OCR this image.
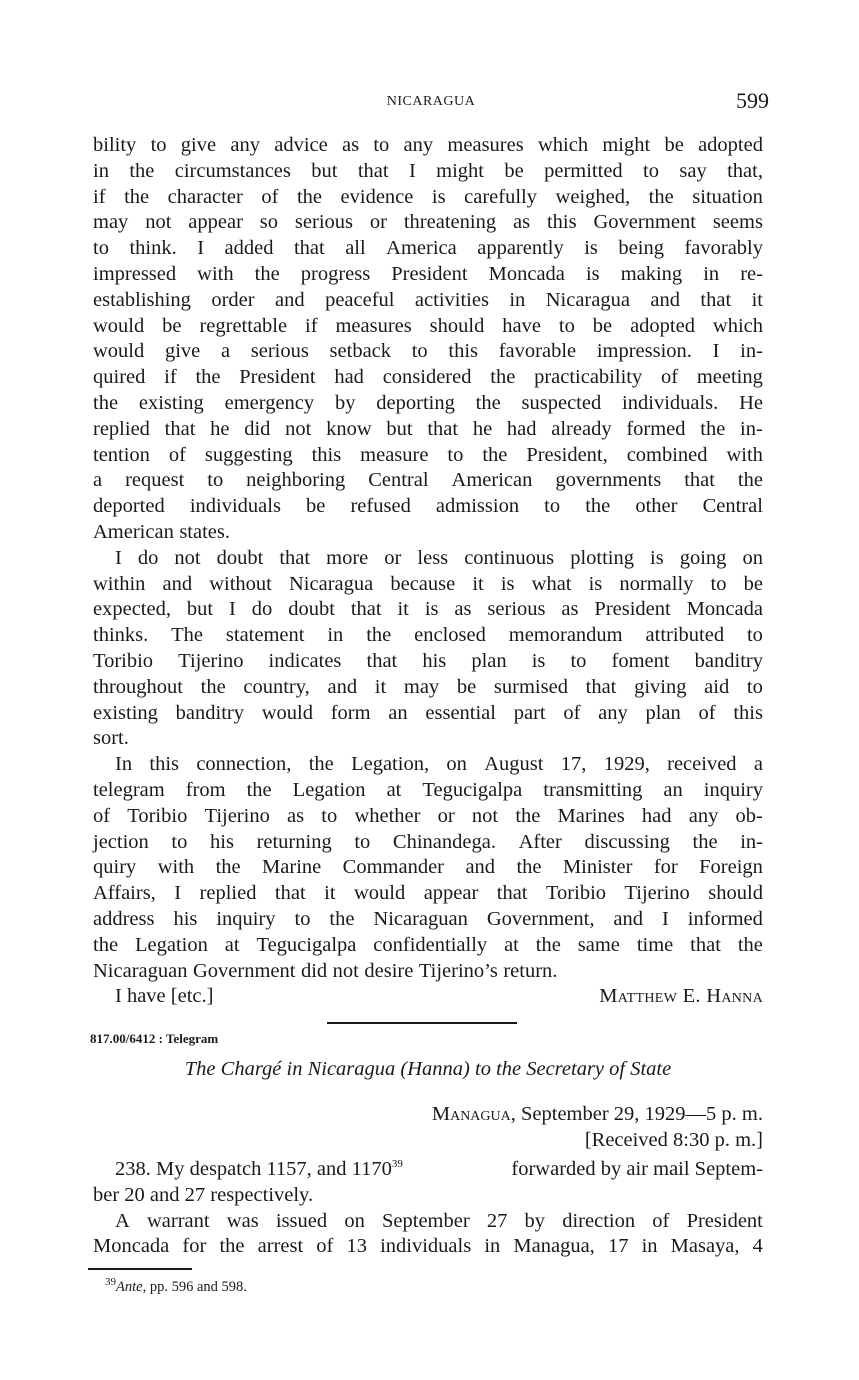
NICARAGUA	599
bility to give any advice as to any measures which might be adopted
in the circumstances but that I might be permitted to say that,
if the character of the evidence is carefully weighed, the situation
may not appear so serious or threatening as this Government seems
to think. I added that all America apparently is being favorably
impressed with the progress President Moncada is making in re-
establishing order and peaceful activities in Nicaragua and that it
would be regrettable if measures should have to be adopted which
would give a serious setback to this favorable impression. I in-
quired if the President had considered the practicability of meeting
the existing emergency by deporting the suspected individuals. He
replied that he did not know but that he had already formed the in-
tention of suggesting this measure to the President, combined with
a request to neighboring Central American governments that the
deported individuals be refused admission to the other Central
American states.
I do not doubt that more or less continuous plotting is going on
within and without Nicaragua because it is what is normally to be
expected, but I do doubt that it is as serious as President Moncada
thinks. The statement in the enclosed memorandum attributed to
Toribio Tijerino indicates that his plan is to foment banditry
throughout the country, and it may be surmised that giving aid to
existing banditry would form an essential part of any plan of this
sort.
In this connection, the Legation, on August 17, 1929, received a
telegram from the Legation at Tegucigalpa transmitting an inquiry
of Toribio Tijerino as to whether or not the Marines had any ob-
jection to his returning to Chinandega. After discussing the in-
quiry with the Marine Commander and the Minister for Foreign
Affairs, I replied that it would appear that Toribio Tijerino should
address his inquiry to the Nicaraguan Government, and I informed
the Legation at Tegucigalpa confidentially at the same time that the
Nicaraguan Government did not desire Tijerino’s return.
I have [etc.]	Matthew E. Hanna
817.00/6412 : Telegram
The Chargé in Nicaragua (Hanna) to the Secretary of State
Managua, September 29, 1929—5 p. m.
[Received 8:30 p. m.]
238. My despatch 1157, and 1170$^{39}$	forwarded by air mail Septem-
ber 20 and 27 respectively.
A warrant was issued on September 27 by direction of President
Moncada for the arrest of 13 individuals in Managua, 17 in Masaya, 4
$^{39}$Ante, pp. 596 and 598.
